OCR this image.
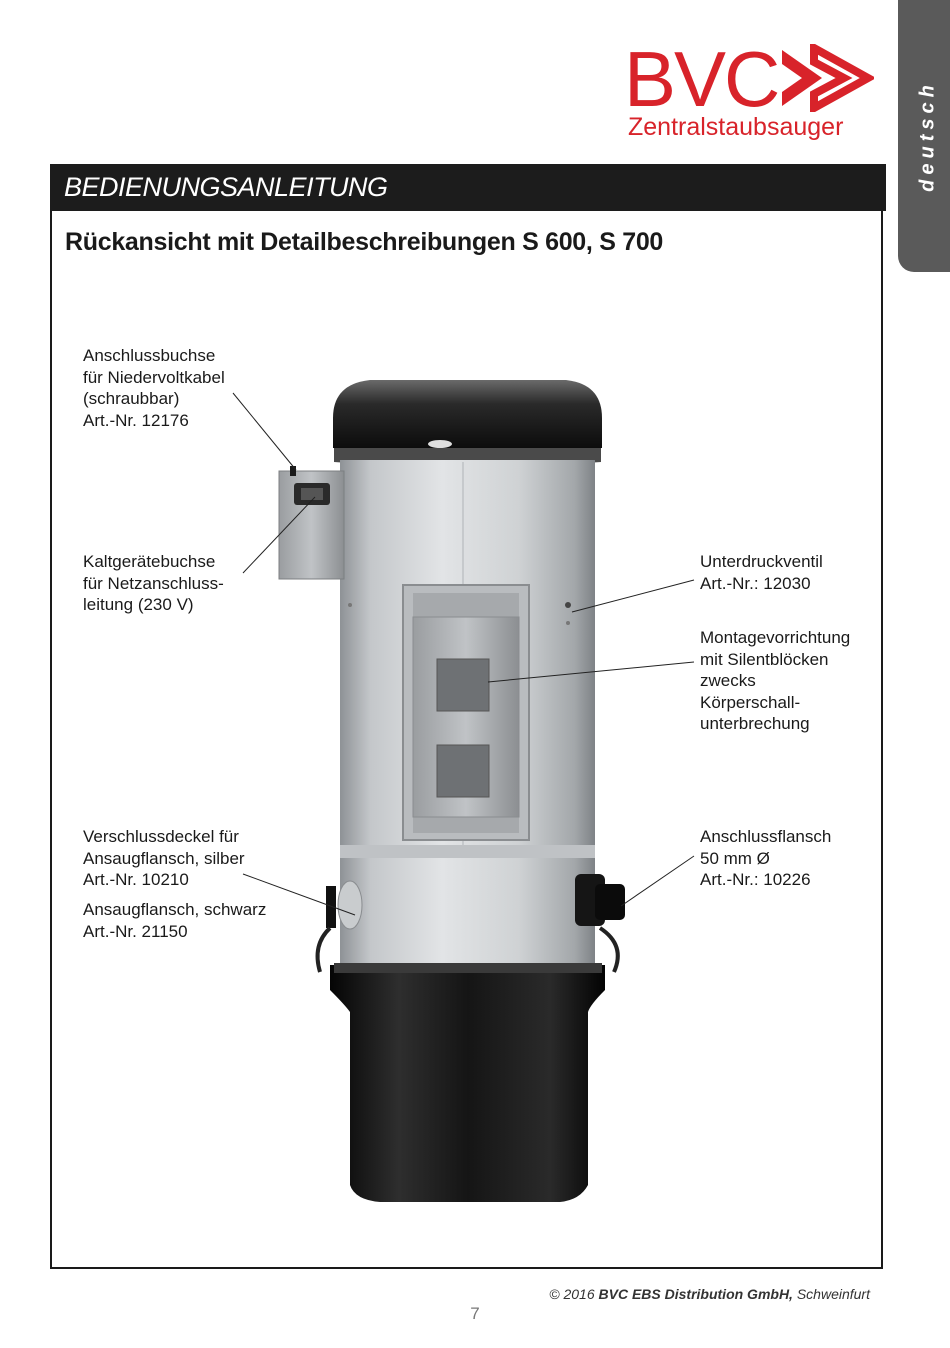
deutsch
BVC
Zentralstaubsauger
BEDIENUNGSANLEITUNG
Rückansicht mit Detailbeschreibungen S 600, S 700
Anschlussbuchse
für Niedervoltkabel
(schraubbar)
Art.-Nr. 12176
Kaltgerätebuchse
für Netzanschluss-
leitung (230 V)
Unterdruckventil
Art.-Nr.: 12030
Montagevorrichtung
mit Silentblöcken
zwecks
Körperschall-
unterbrechung
Verschlussdeckel für
Ansaugflansch, silber
Art.-Nr. 10210
Ansaugflansch, schwarz
Art.-Nr. 21150
Anschlussflansch
50 mm Ø
Art.-Nr.: 10226
© 2016 BVC EBS Distribution GmbH, Schweinfurt
7
